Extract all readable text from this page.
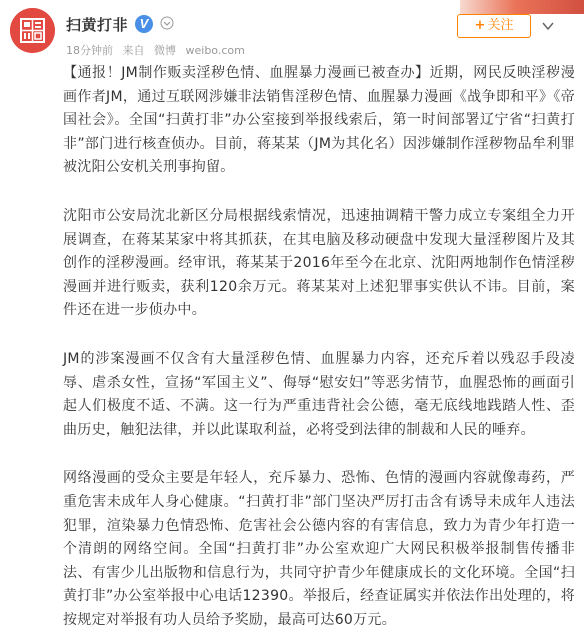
扫黄打非 V
18分钟前 来自 微博 weibo.com
+ 关注

【通报！JM制作贩卖淫秽色情、血腥暴力漫画已被查办】近期，网民反映淫秽漫画作者JM，通过互联网涉嫌非法销售淫秽色情、血腥暴力漫画《战争即和平》《帝国社会》。全国“扫黄打非”办公室接到举报线索后，第一时间部署辽宁省“扫黄打非”部门进行核查侦办。目前，蒋某某（JM为其化名）因涉嫌制作淫秽物品牟利罪被沈阳公安机关刑事拘留。

沈阳市公安局沈北新区分局根据线索情况，迅速抽调精干警力成立专案组全力开展调查，在蒋某某家中将其抓获，在其电脑及移动硬盘中发现大量淫秽图片及其创作的淫秽漫画。经审讯，蒋某某于2016年至今在北京、沈阳两地制作色情淫秽漫画并进行贩卖，获利120余万元。蒋某某对上述犯罪事实供认不讳。目前，案件还在进一步侦办中。

JM的涉案漫画不仅含有大量淫秽色情、血腥暴力内容，还充斥着以残忍手段凌辱、虐杀女性，宣扬“军国主义”、侮辱“慰安妇”等恶劣情节，血腥恐怖的画面引起人们极度不适、不满。这一行为严重违背社会公德，毫无底线地践踏人性、歪曲历史，触犯法律，并以此谋取利益，必将受到法律的制裁和人民的唾弃。

网络漫画的受众主要是年轻人，充斥暴力、恐怖、色情的漫画内容就像毒药，严重危害未成年人身心健康。“扫黄打非”部门坚决严厉打击含有诱导未成年人违法犯罪，渲染暴力色情恐怖、危害社会公德内容的有害信息，致力为青少年打造一个清朗的网络空间。全国“扫黄打非”办公室欢迎广大网民积极举报制售传播非法、有害少儿出版物和信息行为，共同守护青少年健康成长的文化环境。全国“扫黄打非”办公室举报中心电话12390。举报后，经查证属实并依法作出处理的，将按规定对举报有功人员给予奖励，最高可达60万元。
